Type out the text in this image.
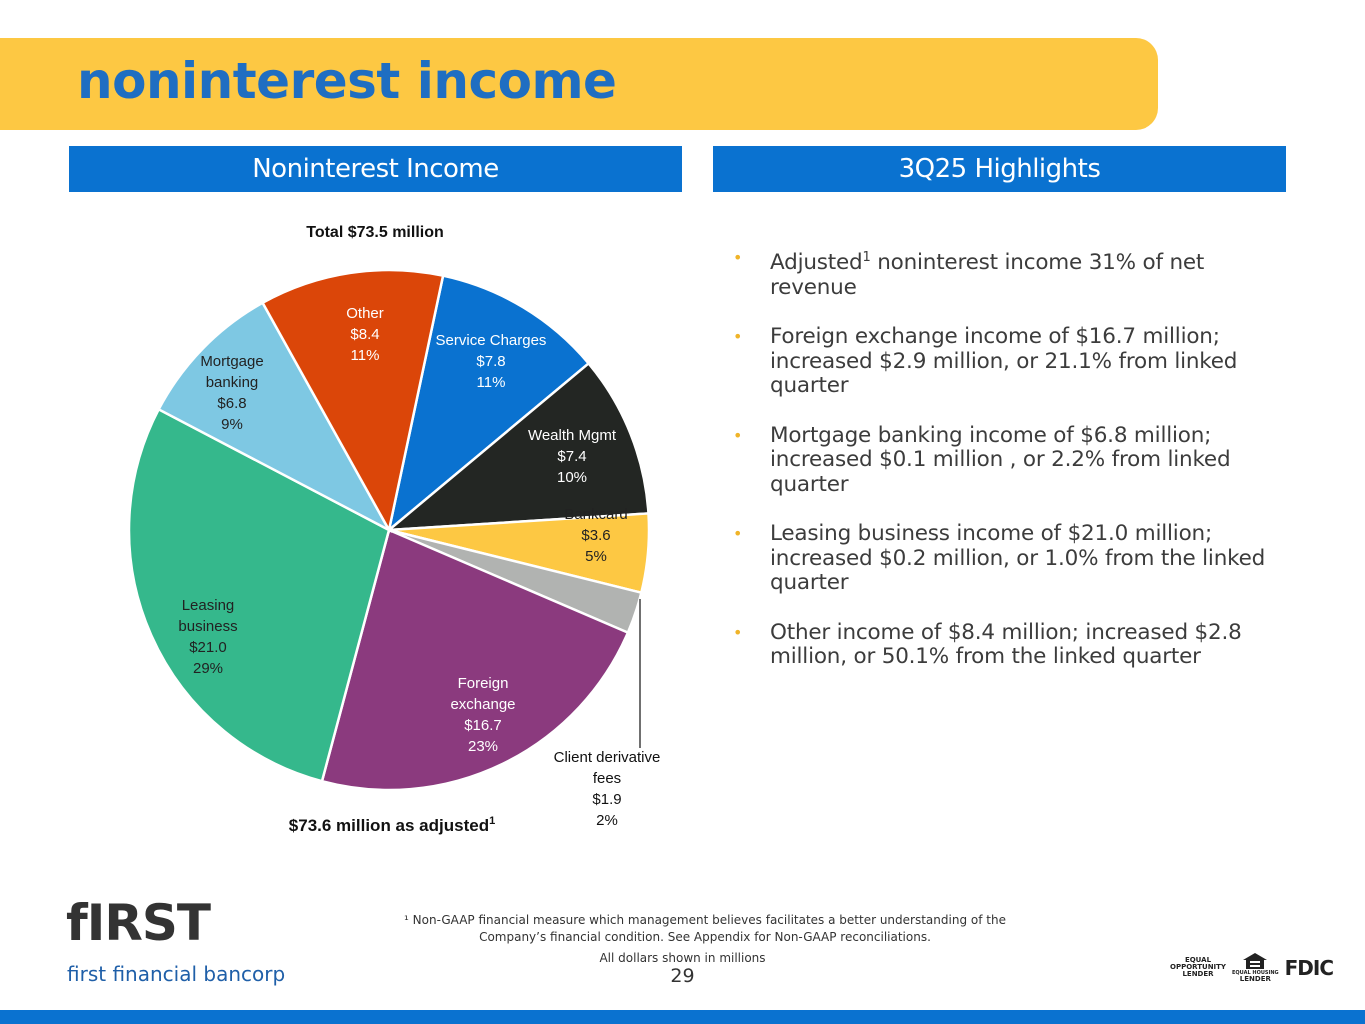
noninterest income
Noninterest Income	3Q25 Highlights
Total $73.5 million
Service Charges $7.8 11%
Wealth Mgmt $7.4 10%
Bankcard $3.6 5%
Client derivative fees $1.9 2%
Foreign exchange $16.7 23%
Leasing business $21.0 29%
Mortgage banking $6.8 9%
Other $8.4 11%
$73.6 million as adjusted$^1$
• Adjusted$^1$ noninterest income 31% of net revenue
• Foreign exchange income of $16.7 million; increased $2.9 million, or 21.1% from linked quarter
• Mortgage banking income of $6.8 million; increased $0.1 million , or 2.2% from linked quarter
• Leasing business income of $21.0 million; increased $0.2 million, or 1.0% from the linked quarter
• Other income of $8.4 million; increased $2.8 million, or 50.1% from the linked quarter
fIRST
first financial bancorp
¹ Non-GAAP financial measure which management believes facilitates a better understanding of the
Company’s financial condition. See Appendix for Non-GAAP reconciliations.
All dollars shown in millions
29
EQUAL
OPPORTUNITY
LENDER	EQUAL HOUSING
LENDER FDIC
